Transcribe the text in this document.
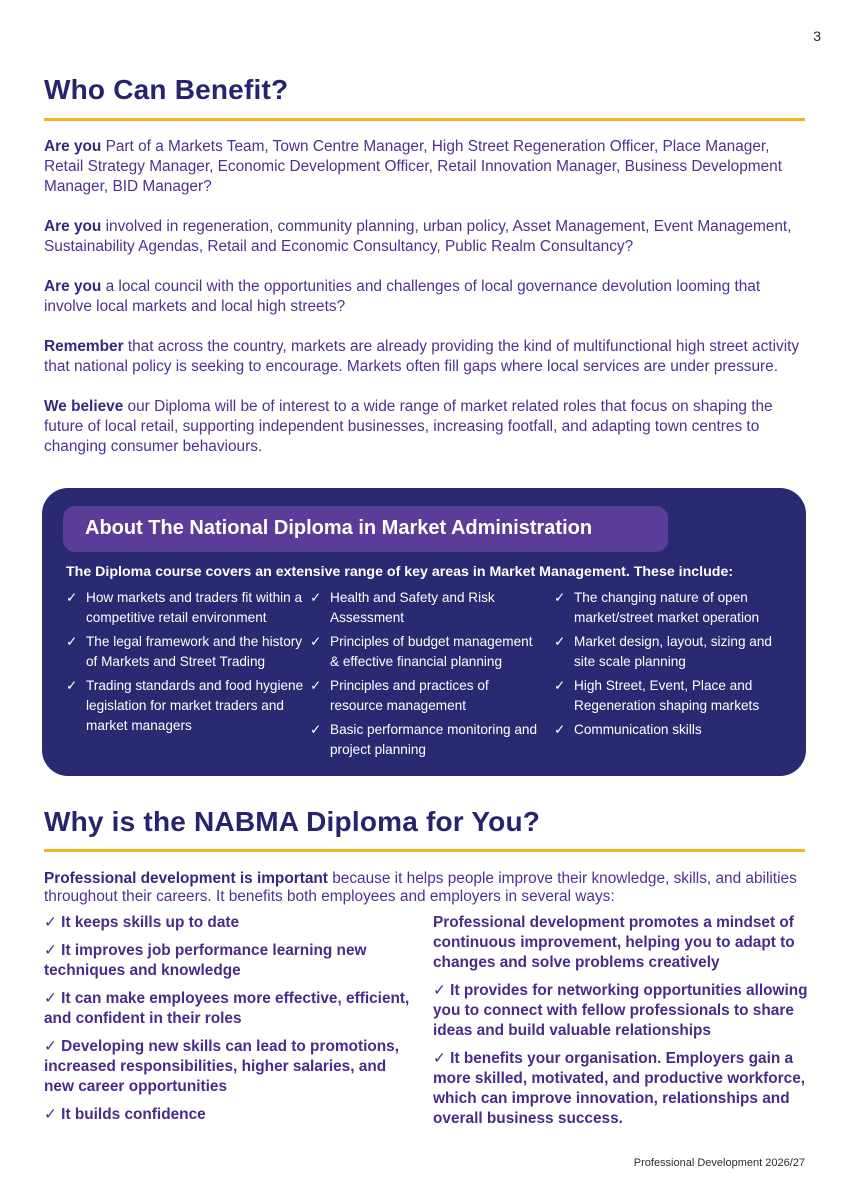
3
Who Can Benefit?

Are you Part of a Markets Team, Town Centre Manager, High Street Regeneration Officer, Place Manager, Retail Strategy Manager, Economic Development Officer, Retail Innovation Manager, Business Development Manager, BID Manager?

Are you involved in regeneration, community planning, urban policy, Asset Management, Event Management, Sustainability Agendas, Retail and Economic Consultancy, Public Realm Consultancy?

Are you a local council with the opportunities and challenges of local governance devolution looming that involve local markets and local high streets?

Remember that across the country, markets are already providing the kind of multifunctional high street activity that national policy is seeking to encourage. Markets often fill gaps where local services are under pressure.

We believe our Diploma will be of interest to a wide range of market related roles that focus on shaping the future of local retail, supporting independent businesses, increasing footfall, and adapting town centres to changing consumer behaviours.

About The National Diploma in Market Administration
The Diploma course covers an extensive range of key areas in Market Management. These include:
✓ How markets and traders fit within a competitive retail environment
✓ The legal framework and the history of Markets and Street Trading
✓ Trading standards and food hygiene legislation for market traders and market managers
✓ Health and Safety and Risk Assessment
✓ Principles of budget management & effective financial planning
✓ Principles and practices of resource management
✓ Basic performance monitoring and project planning
✓ The changing nature of open market/street market operation
✓ Market design, layout, sizing and site scale planning
✓ High Street, Event, Place and Regeneration shaping markets
✓ Communication skills
Why is the NABMA Diploma for You?
Professional development is important because it helps people improve their knowledge, skills, and abilities throughout their careers. It benefits both employees and employers in several ways:
✓ It keeps skills up to date
✓ It improves job performance learning new techniques and knowledge
✓ It can make employees more effective, efficient, and confident in their roles
✓ Developing new skills can lead to promotions, increased responsibilities, higher salaries, and new career opportunities
✓ It builds confidence
Professional development promotes a mindset of continuous improvement, helping you to adapt to changes and solve problems creatively
✓ It provides for networking opportunities allowing you to connect with fellow professionals to share ideas and build valuable relationships
✓ It benefits your organisation. Employers gain a more skilled, motivated, and productive workforce, which can improve innovation, relationships and overall business success.
Professional Development 2026/27
